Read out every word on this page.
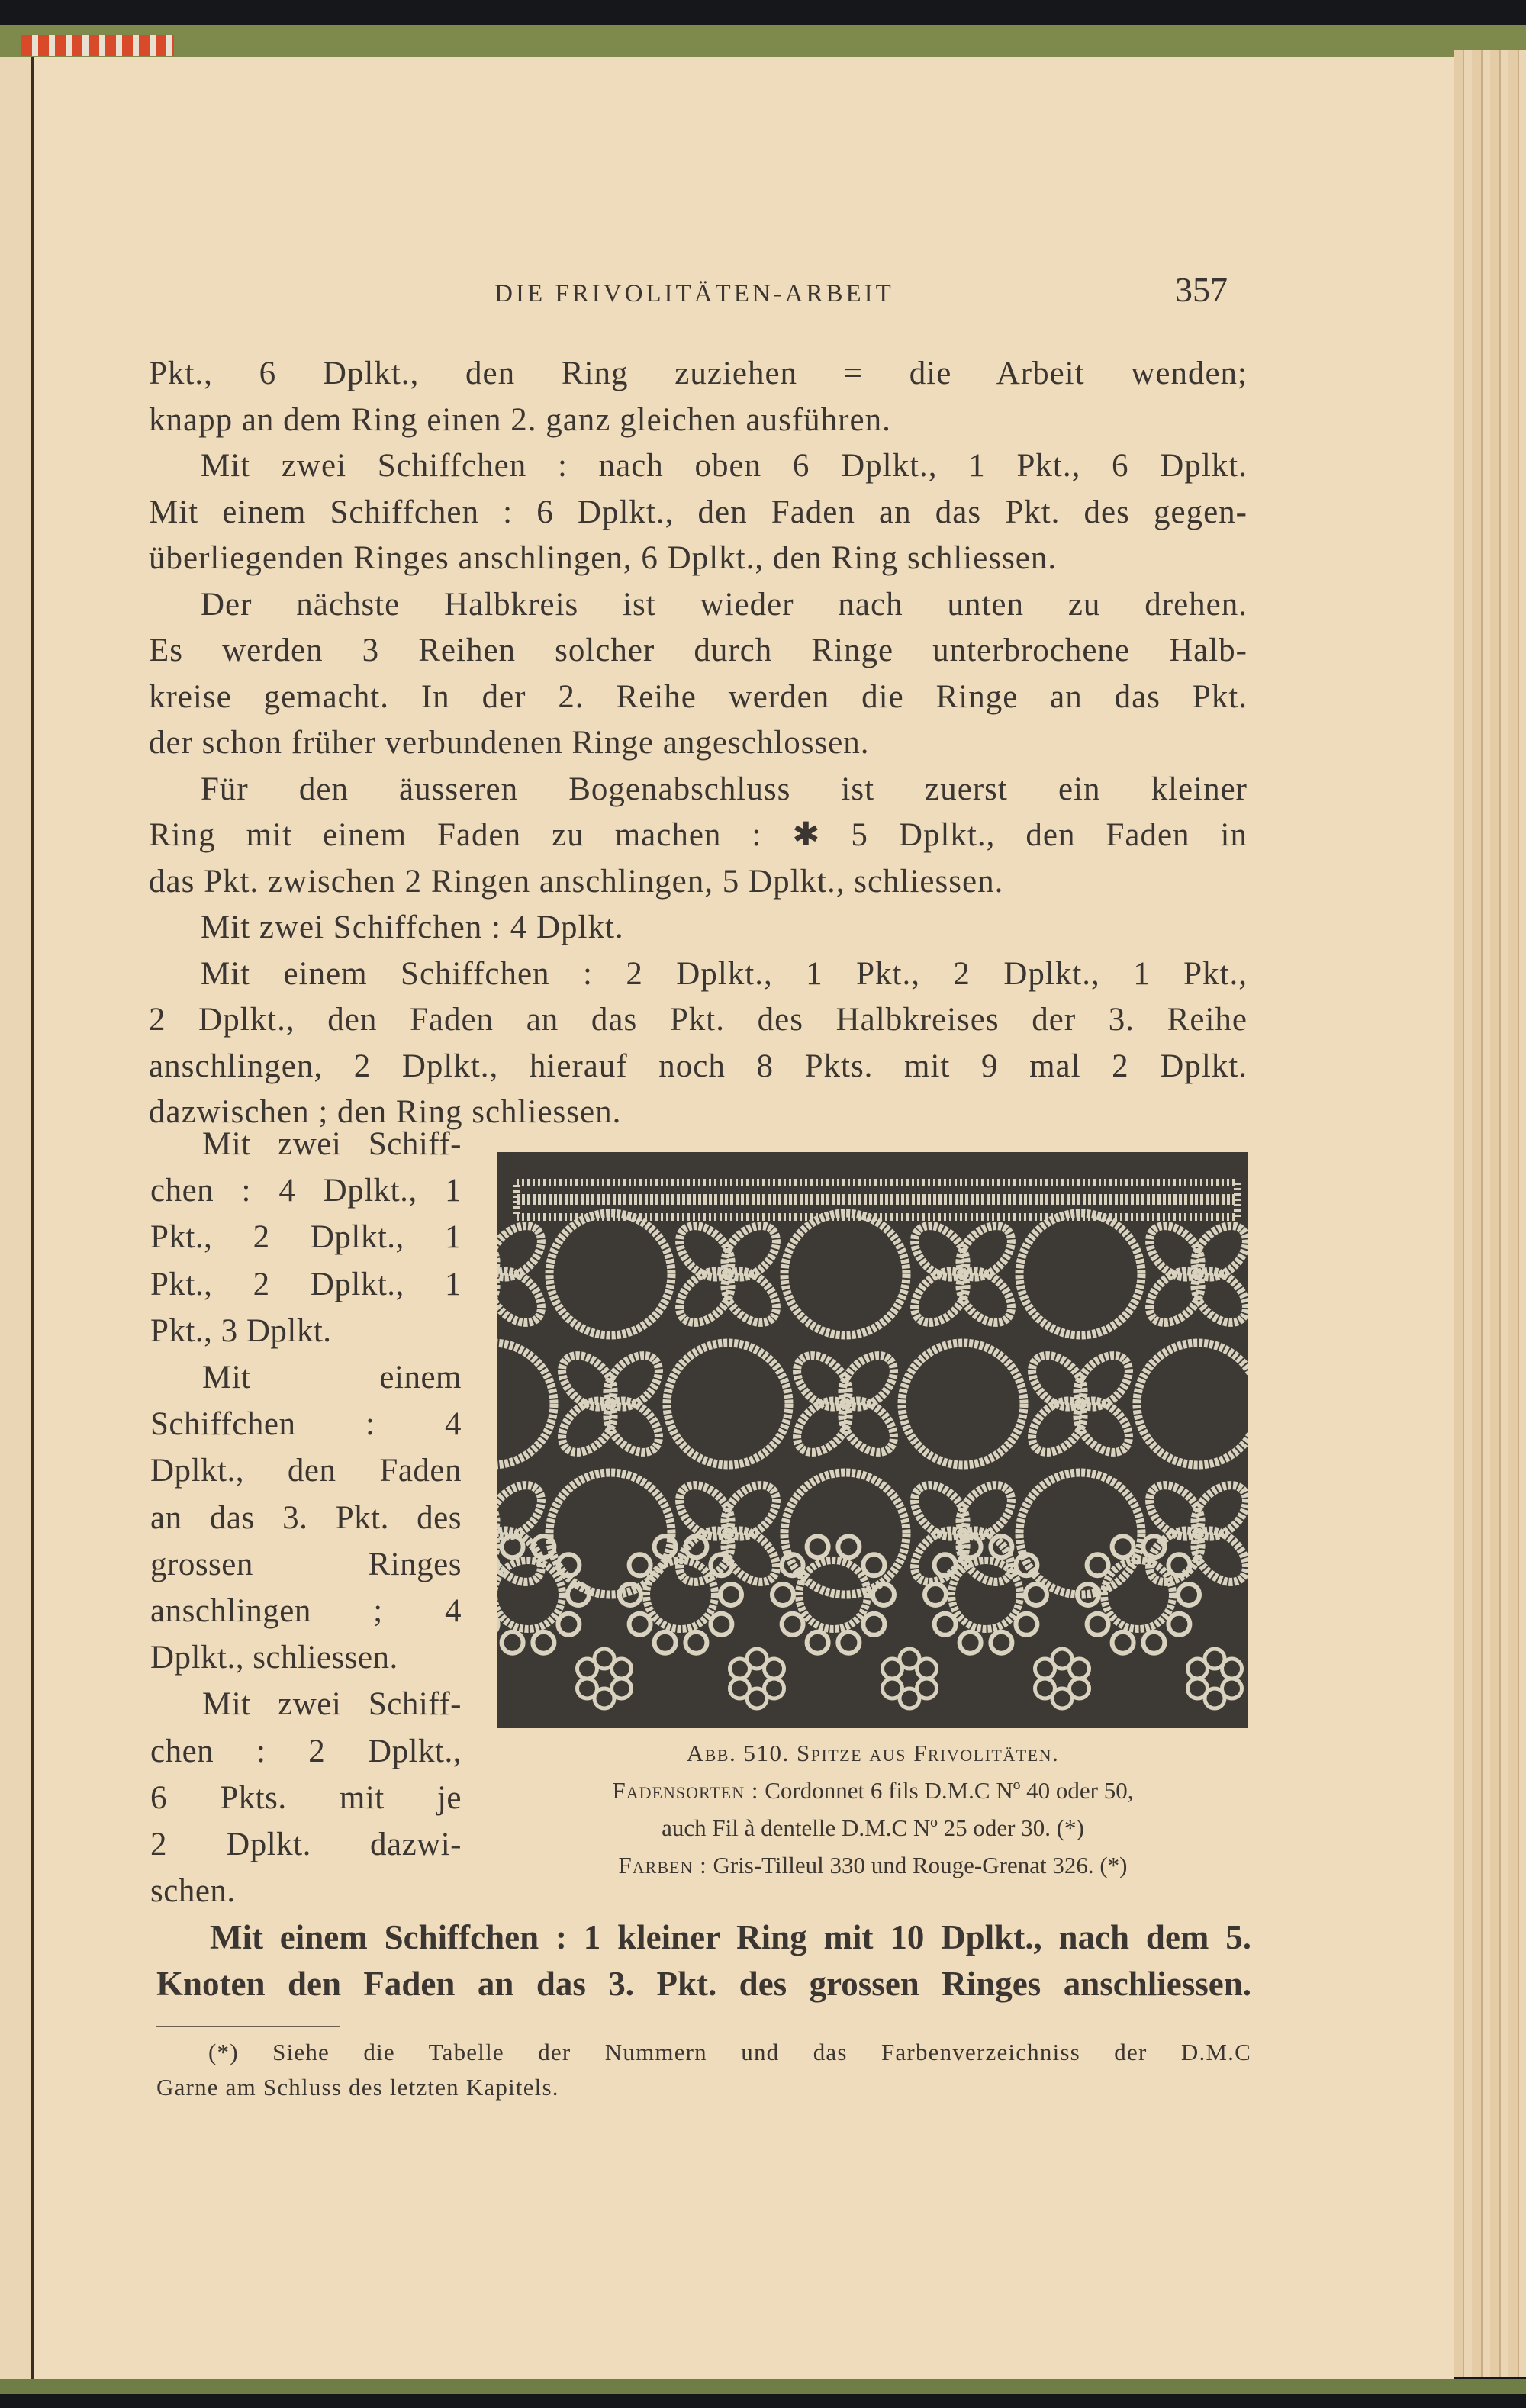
DIE FRIVOLITÄTEN-ARBEIT	357
Pkt., 6 Dplkt., den Ring zuziehen = die Arbeit wenden;
knapp an dem Ring einen 2. ganz gleichen ausführen.
Mit zwei Schiffchen : nach oben 6 Dplkt., 1 Pkt., 6 Dplkt.
Mit einem Schiffchen : 6 Dplkt., den Faden an das Pkt. des gegen-
überliegenden Ringes anschlingen, 6 Dplkt., den Ring schliessen.
Der nächste Halbkreis ist wieder nach unten zu drehen.
Es werden 3 Reihen solcher durch Ringe unterbrochene Halb-
kreise gemacht. In der 2. Reihe werden die Ringe an das Pkt.
der schon früher verbundenen Ringe angeschlossen.
Für den äusseren Bogenabschluss ist zuerst ein kleiner
Ring mit einem Faden zu machen : ✱ 5 Dplkt., den Faden in
das Pkt. zwischen 2 Ringen anschlingen, 5 Dplkt., schliessen.
Mit zwei Schiffchen : 4 Dplkt.
Mit einem Schiffchen : 2 Dplkt., 1 Pkt., 2 Dplkt., 1 Pkt.,
2 Dplkt., den Faden an das Pkt. des Halbkreises der 3. Reihe
anschlingen, 2 Dplkt., hierauf noch 8 Pkts. mit 9 mal 2 Dplkt.
dazwischen ; den Ring schliessen.
Mit zwei Schiff-
chen : 4 Dplkt., 1
Pkt., 2 Dplkt., 1
Pkt., 2 Dplkt., 1
Pkt., 3 Dplkt.
Mit einem
Schiffchen : 4
Dplkt., den Faden
an das 3. Pkt. des
grossen Ringes
anschlingen ; 4
Dplkt., schliessen.
Mit zwei Schiff-
chen : 2 Dplkt.,
6 Pkts. mit je
2 Dplkt. dazwi-
schen.
Abb. 510. Spitze aus Frivolitäten.
Fadensorten : Cordonnet 6 fils D.M.C Nº 40 oder 50,
auch Fil à dentelle D.M.C Nº 25 oder 30. (*)
Farben : Gris-Tilleul 330 und Rouge-Grenat 326. (*)
Mit einem Schiffchen : 1 kleiner Ring mit 10 Dplkt., nach dem 5.
Knoten den Faden an das 3. Pkt. des grossen Ringes anschliessen.
(*) Siehe die Tabelle der Nummern und das Farbenverzeichniss der D.M.C
Garne am Schluss des letzten Kapitels.
